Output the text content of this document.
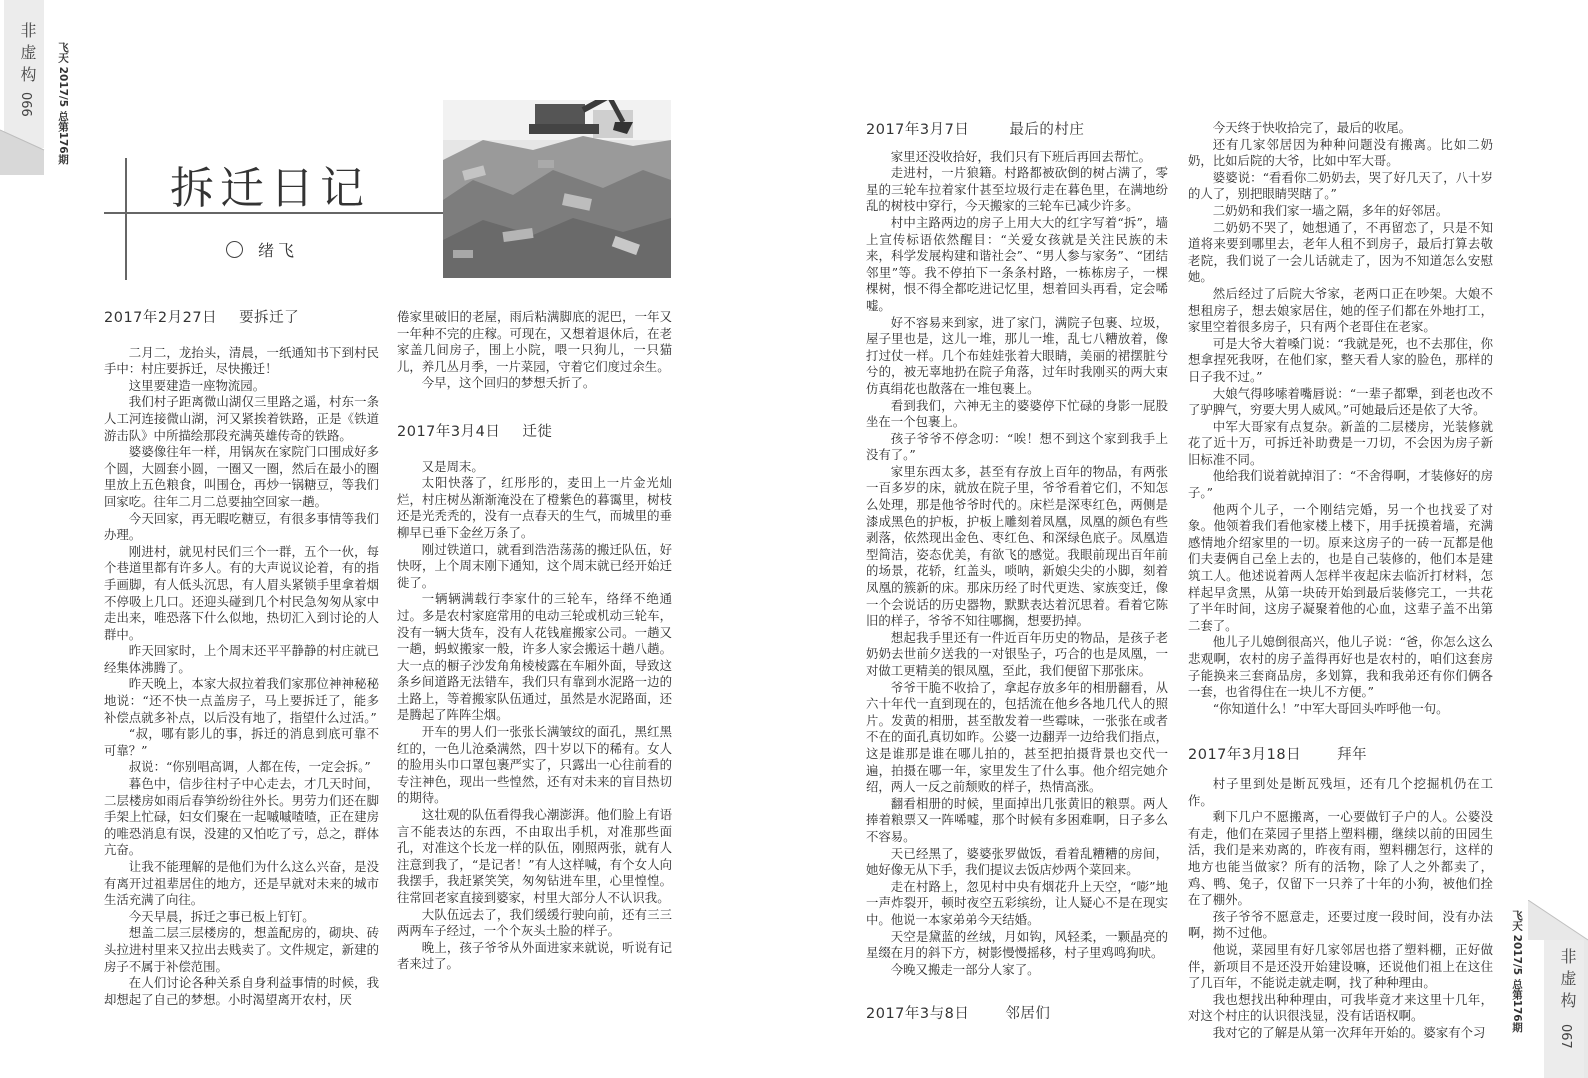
非虚构
066
飞天 2017/5 总第176期
拆迁日记
绪飞
2017年2月27日 要拆迁了

二月二，龙抬头，清晨，一纸通知书下到村民手中：村庄要拆迁，尽快搬迁！

这里要建造一座物流园。

我们村子距离微山湖仅三里路之遥，村东一条人工河连接微山湖，河又紧挨着铁路，正是《铁道游击队》中所描绘那段充满英雄传奇的铁路。

婆婆像往年一样，用锅灰在家院门口围成好多个圆，大圆套小圆，一圈又一圈，然后在最小的圈里放上五色粮食，叫围仓，再炒一锅糖豆，等我们回家吃。往年二月二总要抽空回家一趟。

今天回家，再无暇吃糖豆，有很多事情等我们办理。

刚进村，就见村民们三个一群，五个一伙，每个巷道里都有许多人。有的大声说议论着，有的指手画脚，有人低头沉思，有人眉头紧锁手里拿着烟不停吸上几口。还迎头碰到几个村民急匆匆从家中走出来，唯恐落下什么似地，热切汇入到讨论的人群中。

昨天回家时，上个周末还平平静静的村庄就已经集体沸腾了。

昨天晚上，本家大叔拉着我们家那位神神秘秘地说：“还不快一点盖房子，马上要拆迁了，能多补偿点就多补点，以后没有地了，指望什么过活。”

“叔，哪有影儿的事，拆迁的消息到底可靠不可靠？”

叔说：“你别唱高调，人都在传，一定会拆。”

暮色中，信步往村子中心走去，才几天时间，二层楼房如雨后春笋纷纷往外长。男劳力们还在脚手架上忙碌，妇女们聚在一起嘁嘁喳喳，正在建房的唯恐消息有误，没建的又怕吃了亏，总之，群体亢奋。

让我不能理解的是他们为什么这么兴奋，是没有离开过祖辈居住的地方，还是早就对未来的城市生活充满了向往。

今天早晨，拆迁之事已板上钉钉。

想盖二层三层楼房的，想盖配房的，砌块、砖头拉进村里来又拉出去贱卖了。文件规定，新建的房子不属于补偿范围。

在人们讨论各种关系自身利益事情的时候，我却想起了自己的梦想。小时渴望离开农村，厌

倦家里破旧的老屋，雨后粘满脚底的泥巴，一年又一年种不完的庄稼。可现在，又想着退休后，在老家盖几间房子，围上小院，喂一只狗儿，一只猫儿，养几丛月季，一片菜园，守着它们度过余生。

今早，这个回归的梦想夭折了。

2017年3月4日 迁徙

又是周末。

太阳快落了，红彤彤的，麦田上一片金光灿烂，村庄树丛渐渐淹没在了橙紫色的暮霭里，树枝还是光秃秃的，没有一点春天的生气，而城里的垂柳早已垂下金丝万条了。

刚过铁道口，就看到浩浩荡荡的搬迁队伍，好快呀，上个周末刚下通知，这个周末就已经开始迁徙了。

一辆辆满载行李家什的三轮车，络绎不绝通过。多是农村家庭常用的电动三轮或机动三轮车，没有一辆大货车，没有人花钱雇搬家公司。一趟又一趟，蚂蚁搬家一般，许多人家会搬运十趟八趟。大一点的橱子沙发角角棱棱露在车厢外面，导致这条乡间道路无法错车，我们只有靠到水泥路一边的土路上，等着搬家队伍通过，虽然是水泥路面，还是腾起了阵阵尘烟。

开车的男人们一张张长满皱纹的面孔，黑红黑红的，一色儿沧桑满然，四十岁以下的稀有。女人的脸用头巾口罩包裹严实了，只露出一心往前看的专注神色，现出一些惶然，还有对未来的盲目热切的期待。

这壮观的队伍看得我心潮澎湃。他们脸上有语言不能表达的东西，不由取出手机，对准那些面孔，对准这个长龙一样的队伍，刚照两张，就有人注意到我了，“是记者！”有人这样喊，有个女人向我摆手，我赶紧笑笑，匆匆钻进车里，心里惶惶。往常回老家直接到婆家，村里大部分人不认识我。

大队伍远去了，我们缓缓行驶向前，还有三三两两车子经过，一个个灰头土脸的样子。

晚上，孩子爷爷从外面进家来就说，听说有记者来过了。

2017年3月7日	最后的村庄

家里还没收拾好，我们只有下班后再回去帮忙。

走进村，一片狼籍。村路都被砍倒的树占满了，零星的三轮车拉着家什甚至垃圾行走在暮色里，在满地纷乱的树枝中穿行，今天搬家的三轮车已减少许多。

村中主路两边的房子上用大大的红字写着“拆”，墙上宣传标语依然醒目：“关爱女孩就是关注民族的未来，科学发展构建和谐社会”、“男人参与家务”、“团结邻里”等。我不停拍下一条条村路，一栋栋房子，一棵棵树，恨不得全都吃进记忆里，想着回头再看，定会唏嘘。

好不容易来到家，进了家门，满院子包裹、垃圾，屋子里也是，这儿一堆，那儿一堆，乱七八糟放着，像打过仗一样。几个布娃娃张着大眼睛，美丽的裙摆脏兮兮的，被无辜地扔在院子角落，过年时我刚买的两大束仿真绢花也散落在一堆包裹上。

看到我们，六神无主的婆婆停下忙碌的身影一屁股坐在一个包裹上。

孩子爷爷不停念叨：“唉！想不到这个家到我手上没有了。”

家里东西太多，甚至有存放上百年的物品，有两张一百多岁的床，就放在院子里，爷爷看着它们，不知怎么处理，那是他爷爷时代的。床栏是深枣红色，两侧是漆成黑色的护板，护板上雕刻着凤凰，凤凰的颜色有些剥落，依然现出金色、枣红色、和深绿色底子。凤凰造型简洁，姿态优美，有欲飞的感觉。我眼前现出百年前的场景，花轿，红盖头，唢呐，新娘尖尖的小脚，刻着凤凰的簇新的床。那床历经了时代更迭、家族变迁，像一个会说话的历史器物，默默表达着沉思着。看着它陈旧的样子，爷爷不知往哪搁，想要扔掉。

想起我手里还有一件近百年历史的物品，是孩子老奶奶去世前夕送我的一对银坠子，巧合的也是凤凰，一对做工更精美的银凤凰，至此，我们便留下那张床。

爷爷干脆不收拾了，拿起存放多年的相册翻看，从六十年代一直到现在的，包括流在他乡各地几代人的照片。发黄的相册，甚至散发着一些霉味，一张张在或者不在的面孔真切如昨。公婆一边翻弄一边给我们指点，这是谁那是谁在哪儿拍的，甚至把拍摄背景也交代一遍，拍摄在哪一年，家里发生了什么事。他介绍完她介绍，两人一反之前颓败的样子，热情高涨。

翻看相册的时候，里面掉出几张黄旧的粮票。两人捧着粮票又一阵唏嘘，那个时候有多困难啊，日子多么不容易。

天已经黑了，婆婆张罗做饭，看着乱糟糟的房间，她好像无从下手，我们提议去饭店炒两个菜回来。

走在村路上，忽见村中央有烟花升上天空，“嘭”地一声炸裂开，顿时夜空五彩缤纷，让人疑心不是在现实中。他说一本家弟弟今天结婚。

天空是黛蓝的丝绒，月如钩，风轻柔，一颗晶亮的星缀在月的斜下方，树影慢慢摇移，村子里鸡鸣狗吠。

今晚又搬走一部分人家了。

2017年3与8日 邻居们

今天终于快收拾完了，最后的收尾。

还有几家邻居因为种种问题没有搬离。比如二奶奶，比如后院的大爷，比如中军大哥。

婆婆说：“看看你二奶奶去，哭了好几天了，八十岁的人了，别把眼睛哭瞎了。”

二奶奶和我们家一墙之隔，多年的好邻居。

二奶奶不哭了，她想通了，不再留恋了，只是不知道将来要到哪里去，老年人租不到房子，最后打算去敬老院，我们说了一会儿话就走了，因为不知道怎么安慰她。

然后经过了后院大爷家，老两口正在吵架。大娘不想租房子，想去娘家居住，她的侄子们都在外地打工，家里空着很多房子，只有两个老哥住在老家。

可是大爷大着嗓门说：“我就是死，也不去那住，你想拿捏死我呀，在他们家，整天看人家的脸色，那样的日子我不过。”

大娘气得哆嗦着嘴唇说：“一辈子都犟，到老也改不了驴脾气，穷要大男人威风。”可她最后还是依了大爷。

中军大哥家有点复杂。新盖的二层楼房，光装修就花了近十万，可拆迁补助费是一刀切，不会因为房子新旧标准不同。

他给我们说着就掉泪了：“不舍得啊，才装修好的房子。”

他两个儿子，一个刚结完婚，另一个也找妥了对象。他领着我们看他家楼上楼下，用手抚摸着墙，充满感情地介绍家里的一切。原来这房子的一砖一瓦都是他们夫妻俩自己垒上去的，也是自己装修的，他们本是建筑工人。他述说着两人怎样半夜起床去临沂打材料，怎样起早贪黑，从第一块砖开始到最后装修完工，一共花了半年时间，这房子凝聚着他的心血，这辈子盖不出第二套了。

他儿子儿媳倒很高兴，他儿子说：“爸，你怎么这么悲观啊，农村的房子盖得再好也是农村的，咱们这套房子能换来三套商品房，多划算，我和我弟还有你们俩各一套，也省得住在一块儿不方便。”

“你知道什么！”中军大哥回头咋呼他一句。

2017年3月18日 拜年

村子里到处是断瓦残垣，还有几个挖掘机仍在工作。

剩下几户不愿搬离，一心要做钉子户的人。公婆没有走，他们在菜园子里搭上塑料棚，继续以前的田园生活，我们是来劝离的，昨夜有雨，塑料棚怎行，这样的地方也能当做家？所有的活物，除了人之外都卖了，鸡、鸭、兔子，仅留下一只养了十年的小狗，被他们拴在了棚外。

孩子爷爷不愿意走，还要过度一段时间，没有办法啊，拗不过他。

他说，菜园里有好几家邻居也搭了塑料棚，正好做伴，新项目不是还没开始建设嘛，还说他们祖上在这住了几百年，不能说走就走啊，找了种种理由。

我也想找出种种理由，可我毕竟才来这里十几年，对这个村庄的认识很浅显，没有话语权啊。

我对它的了解是从第一次拜年开始的。婆家有个习

飞天 2017/5 总第176期 非虚构
067
